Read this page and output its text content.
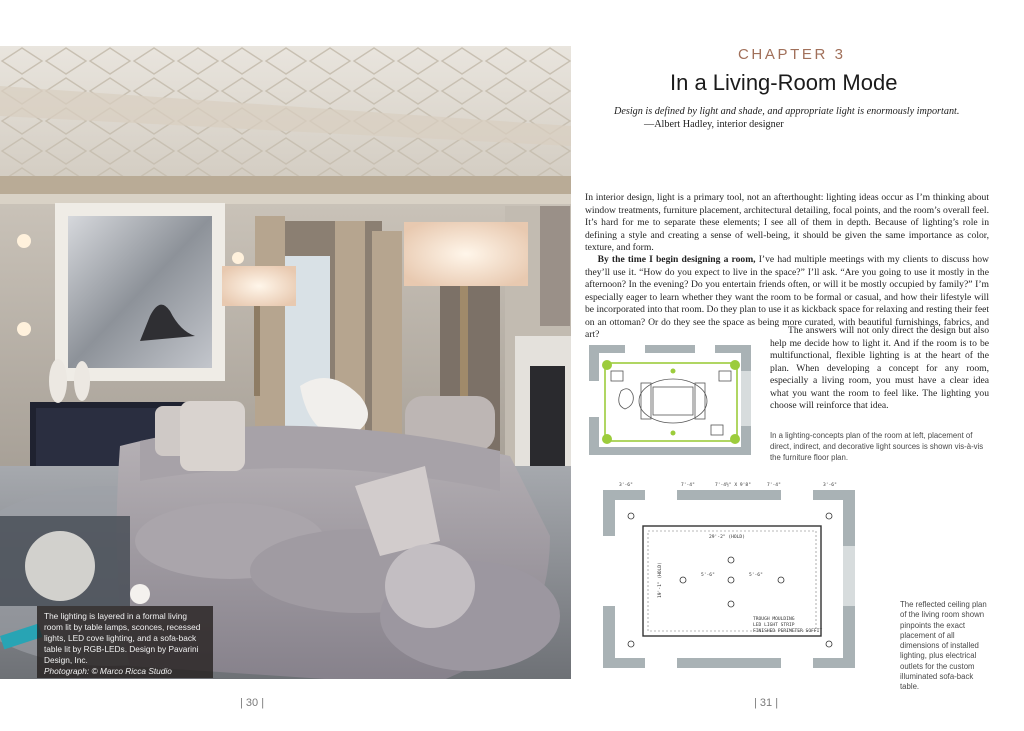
The lighting is layered in a formal living room lit by table lamps, sconces, recessed lights, LED cove lighting, and a sofa-back table lit by RGB-LEDs. Design by Pavarini Design, Inc.
Photograph: © Marco Ricca Studio
| 30 |
CHAPTER 3
In a Living-Room Mode
Design is defined by light and shade, and appropriate light is enormously important.
—Albert Hadley, interior designer

In interior design, light is a primary tool, not an afterthought: lighting ideas occur as I’m thinking about window treatments, furniture placement, architectural detailing, focal points, and the room’s overall feel. It’s hard for me to separate these elements; I see all of them in depth. Because of lighting’s role in defining a style and creating a sense of well-being, it should be given the same importance as color, texture, and form.

By the time I begin designing a room, I’ve had multiple meetings with my clients to discuss how they’ll use it. “How do you expect to live in the space?” I’ll ask. “Are you going to use it mostly in the afternoon? In the evening? Do you entertain friends often, or will it be mostly occupied by family?” I’m especially eager to learn whether they want the room to be formal or casual, and how their lifestyle will be incorporated into that room. Do they plan to use it as kickback space for relaxing and resting their feet on an ottoman? Or do they see the space as being more curated, with beautiful furnishings, fabrics, and art?	The answers will not only direct the design but also help me decide how to light it. And if the room is to be multifunctional, flexible lighting is at the heart of the plan. When developing a concept for any room, especially a living room, you must have a clear idea what you want the room to feel like. The lighting you choose will reinforce that idea.

In a lighting-concepts plan of the room at left, placement of direct, indirect, and decorative light sources is shown vis-à-vis the furniture floor plan.
3'-6"	7'-4"	7'-4½" X 9'8"	7'-4"	3'-6"
29'-2" (HOLD)
5'-6"	5'-6"
TROUGH MOULDING
LED LIGHT STRIP
FINISHED PERIMETER SOFFIT
19'-1" (HOLD)
The reflected ceiling plan of the living room shown pinpoints the exact placement of all dimensions of installed lighting, plus electrical outlets for the custom illuminated sofa-back table.
| 31 |
